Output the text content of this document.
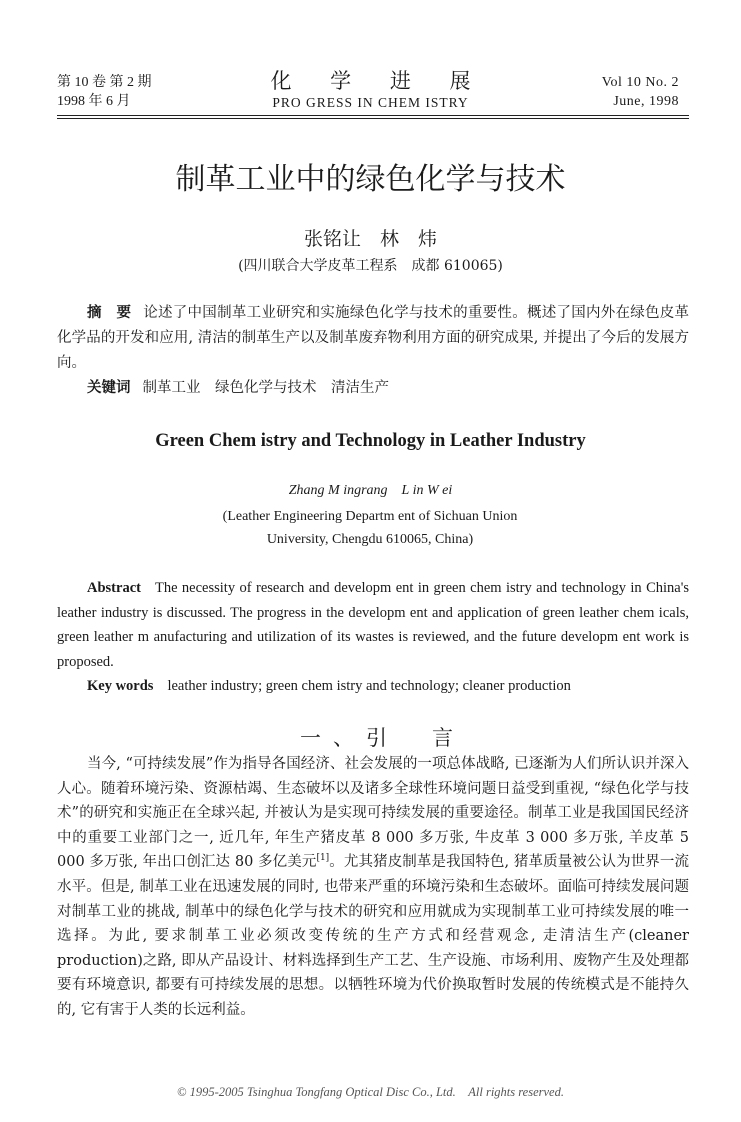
第 10 卷 第 2 期
1998 年 6 月
化 学 进 展
PRO GRESS IN CHEM ISTRY
Vol 10 No. 2
June, 1998
制革工业中的绿色化学与技术
张铭让　林　炜
(四川联合大学皮革工程系　成都 610065)
摘　要 论述了中国制革工业研究和实施绿色化学与技术的重要性。概述了国内外在绿色皮革化学品的开发和应用, 清洁的制革生产以及制革废弃物利用方面的研究成果, 并提出了今后的发展方向。
关键词 制革工业　绿色化学与技术　清洁生产
Green Chem istry and Technology in Leather Industry
Zhang M ingrang　L in W ei
(Leather Engineering Departm ent of Sichuan Union University, Chengdu 610065, China)
Abstract The necessity of research and developm ent in green chem istry and technology in China's leather industry is discussed. The progress in the developm ent and application of green leather chem icals, green leather m anufacturing and utilization of its wastes is reviewed, and the future developm ent work is proposed.
Key words leather industry; green chem istry and technology; cleaner production
一、引　言
当今, “可持续发展”作为指导各国经济、社会发展的一项总体战略, 已逐渐为人们所认识并深入人心。随着环境污染、资源枯竭、生态破坏以及诸多全球性环境问题日益受到重视, “绿色化学与技术”的研究和实施正在全球兴起, 并被认为是实现可持续发展的重要途径。制革工业是我国国民经济中的重要工业部门之一, 近几年, 年生产猪皮革 8 000 多万张, 牛皮革 3 000 多万张, 羊皮革 5 000 多万张, 年出口创汇达 80 多亿美元[1]。尤其猪皮制革是我国特色, 猪革质量被公认为世界一流水平。但是, 制革工业在迅速发展的同时, 也带来严重的环境污染和生态破坏。面临可持续发展问题对制革工业的挑战, 制革中的绿色化学与技术的研究和应用就成为实现制革工业可持续发展的唯一选择。为此, 要求制革工业必须改变传统的生产方式和经营观念, 走清洁生产(cleaner production)之路, 即从产品设计、材料选择到生产工艺、生产设施、市场利用、废物产生及处理都要有环境意识, 都要有可持续发展的思想。以牺牲环境为代价换取暂时发展的传统模式是不能持久的, 它有害于人类的长远利益。
© 1995-2005 Tsinghua Tongfang Optical Disc Co., Ltd.　All rights reserved.
